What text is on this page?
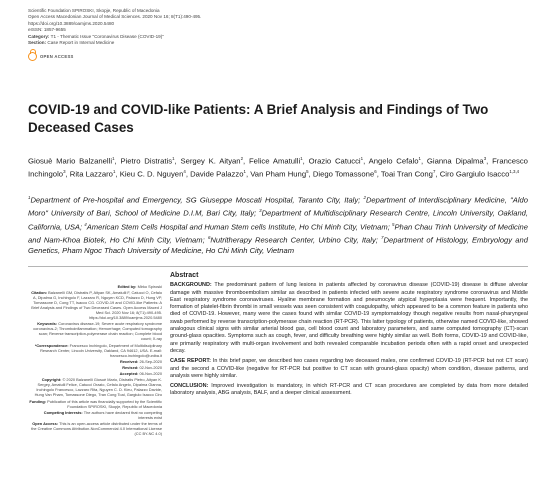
Scientific Foundation SPIROSKI, Skopje, Republic of Macedonia
Open Access Macedonian Journal of Medical Sciences. 2020 Nov 16; 8(T1):490-495.
https://doi.org/10.3889/oamjms.2020.5480
eISSN: 1857-9655
Category: T1 - Thematic Issue "Coronavirus Disease (COVID-19)"
Section: Case Report in Internal Medicine
OPEN ACCESS
COVID-19 and COVID-like Patients: A Brief Analysis and Findings of Two Deceased Cases
Giosuè Mario Balzanelli$^1$, Pietro Distratis$^1$, Sergey K. Aityan$^2$, Felice Amatulli$^1$, Orazio Catucci$^1$, Angelo Cefalo$^1$, Gianna Dipalma$^3$, Francesco Inchingolo$^3$, Rita Lazzaro$^1$, Kieu C. D. Nguyen$^4$, Davide Palazzo$^1$, Van Pham Hung$^5$, Diego Tomassone$^6$, Toai Tran Cong$^7$, Ciro Gargiulo Isacco$^{1,3,4}$
$^1$Department of Pre-hospital and Emergency, SG Giuseppe Moscati Hospital, Taranto City, Italy; $^2$Department of Interdisciplinary Medicine, "Aldo Moro" University of Bari, School of Medicine D.I.M, Bari City, Italy; $^3$Department of Multidisciplinary Research Centre, Lincoln University, Oakland, California, USA; $^4$American Stem Cells Hospital and Human Stem cells Institute, Ho Chi Minh City, Vietnam; $^5$Phan Chau Trinh University of Medicine and Nam-Khoa Biotek, Ho Chi Minh City, Vietnam; $^6$Nutritherapy Research Center, Urbino City, Italy; $^7$Department of Histology, Embryology and Genetics, Pham Ngoc Thach University of Medicine, Ho Chi Minh City, Vietnam

Edited by: Mirko Spiroski

Citation: Balzanelli GM, Distratis P, Aityan SK, Amatulli F, Catucci O, Cefalo A, Dipalma G, Inchingolo F, Lazzaro R, Nguyen KCD, Palazzo D, Hung VP, Tomassone D, Cong TT, Isacco CG. COVID-19 and COVID-like Patients: A Brief Analysis and Findings of Two Deceased Cases. Open Access Maced J Med Sci. 2020 Nov 16; 8(T1):490-495. https://doi.org/10.3889/oamjms.2020.5480

Keywords: Coronavirus disease-19; Severe acute respiratory syndrome coronavirus-2; Thromboinflammation; Hemorrhage; Computed tomography scan; Reverse transcription-polymerase chain reaction; Complete blood count; X-ray

*Correspondence: Francesco Inchingolo, Department of Multidisciplinary Research Center, Lincoln University, Oakland, CA 94612, USA. E-mail: francesco.inchingolo@uniba.it

Received: 26-Sep-2020

Revised: 02-Nov-2020

Accepted: 06-Nov-2020

Copyright: © 2020 Balzanelli Giosuè Mario, Distratis Pietro, Aityan K. Sergey, Amatulli Felice, Catucci Orazio, Cefalo Angelo, Dipalma Gianna, Inchingolo Francesco, Lazzaro Rita, Nguyen C. D. Kieu, Palazzo Davide, Hung Van Pham, Tomassone Diego, Tran Cong Toai, Gargiulo Isacco Ciro

Funding: Publication of this article was financially supported by the Scientific Foundation SPIROSKI, Skopje, Republic of Macedonia

Competing Interests: The authors have declared that no competing interests exist

Open Access: This is an open-access article distributed under the terms of the Creative Commons Attribution-NonCommercial 4.0 International License (CC BY-NC 4.0)

Abstract

BACKGROUND: The predominant pattern of lung lesions in patients affected by coronavirus disease (COVID-19) disease is diffuse alveolar damage with massive thromboembolism similar as described in patients infected with severe acute respiratory syndrome coronavirus and Middle East respiratory syndrome coronaviruses. Hyaline membrane formation and pneumocyte atypical hyperplasia were frequent. Importantly, the formation of platelet-fibrin thrombi in small vessels was seen consistent with coagulopathy, which appeared to be a common feature in patients who died of COVID-19. However, many were the cases found with similar COVID-19 symptomatology though negative results from nasal-pharyngeal swab performed by reverse transcription-polymerase chain reaction (RT-PCR). This latter typology of patients, otherwise named COVID-like, showed analogous clinical signs with similar arterial blood gas, cell blood count and laboratory parameters, and same computed tomography (CT)-scan ground-glass opacities. Symptoms such as cough, fever, and difficulty breathing were highly similar as well. Both forms, COVID-19 and COVID-like, are primarily respiratory with multi-organ involvement and both revealed comparable incubation periods often with a rapid onset and unexpected decay.

CASE REPORT: In this brief paper, we described two cases regarding two deceased males, one confirmed COVID-19 (RT-PCR but not CT scan) and the second a COVID-like (negative for RT-PCR but positive to CT scan with ground-glass opacity) whom condition, disease patterns, and analysis were highly similar.

CONCLUSION: Improved investigation is mandatory, in which RT-PCR and CT scan procedures are completed by data from more detailed laboratory analysis, ABG analysis, BALF, and a deeper clinical assessment.
